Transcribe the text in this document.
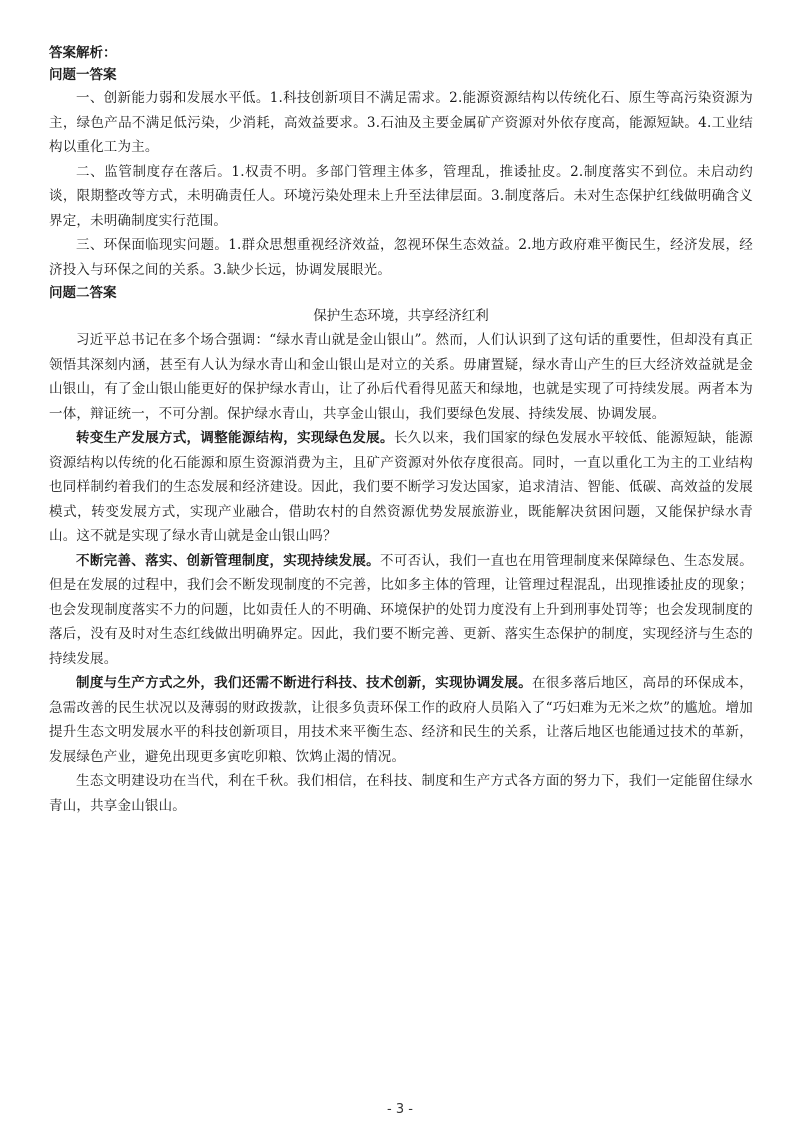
答案解析：

问题一答案

一、创新能力弱和发展水平低。1.科技创新项目不满足需求。2.能源资源结构以传统化石、原生等高污染资源为主，绿色产品不满足低污染，少消耗，高效益要求。3.石油及主要金属矿产资源对外依存度高，能源短缺。4.工业结构以重化工为主。

二、监管制度存在落后。1.权责不明。多部门管理主体多，管理乱，推诿扯皮。2.制度落实不到位。未启动约谈，限期整改等方式，未明确责任人。环境污染处理未上升至法律层面。3.制度落后。未对生态保护红线做明确含义界定，未明确制度实行范围。

三、环保面临现实问题。1.群众思想重视经济效益，忽视环保生态效益。2.地方政府难平衡民生，经济发展，经济投入与环保之间的关系。3.缺少长远，协调发展眼光。

问题二答案

保护生态环境，共享经济红利

习近平总书记在多个场合强调：“绿水青山就是金山银山”。然而，人们认识到了这句话的重要性，但却没有真正领悟其深刻内涵，甚至有人认为绿水青山和金山银山是对立的关系。毋庸置疑，绿水青山产生的巨大经济效益就是金山银山，有了金山银山能更好的保护绿水青山，让了孙后代看得见蓝天和绿地，也就是实现了可持续发展。两者本为一体，辩证统一，不可分割。保护绿水青山，共享金山银山，我们要绿色发展、持续发展、协调发展。

转变生产发展方式，调整能源结构，实现绿色发展。长久以来，我们国家的绿色发展水平较低、能源短缺，能源资源结构以传统的化石能源和原生资源消费为主，且矿产资源对外依存度很高。同时，一直以重化工为主的工业结构也同样制约着我们的生态发展和经济建设。因此，我们要不断学习发达国家，追求清洁、智能、低碳、高效益的发展模式，转变发展方式，实现产业融合，借助农村的自然资源优势发展旅游业，既能解决贫困问题，又能保护绿水青山。这不就是实现了绿水青山就是金山银山吗？

不断完善、落实、创新管理制度，实现持续发展。不可否认，我们一直也在用管理制度来保障绿色、生态发展。但是在发展的过程中，我们会不断发现制度的不完善，比如多主体的管理，让管理过程混乱，出现推诿扯皮的现象；也会发现制度落实不力的问题，比如责任人的不明确、环境保护的处罚力度没有上升到刑事处罚等；也会发现制度的落后，没有及时对生态红线做出明确界定。因此，我们要不断完善、更新、落实生态保护的制度，实现经济与生态的持续发展。

制度与生产方式之外，我们还需不断进行科技、技术创新，实现协调发展。在很多落后地区，高昂的环保成本，急需改善的民生状况以及薄弱的财政拨款，让很多负责环保工作的政府人员陷入了“巧妇难为无米之炊”的尴尬。增加提升生态文明发展水平的科技创新项目，用技术来平衡生态、经济和民生的关系，让落后地区也能通过技术的革新，发展绿色产业，避免出现更多寅吃卯粮、饮鸩止渴的情况。

生态文明建设功在当代，利在千秋。我们相信，在科技、制度和生产方式各方面的努力下，我们一定能留住绿水青山，共享金山银山。

- 3 -
